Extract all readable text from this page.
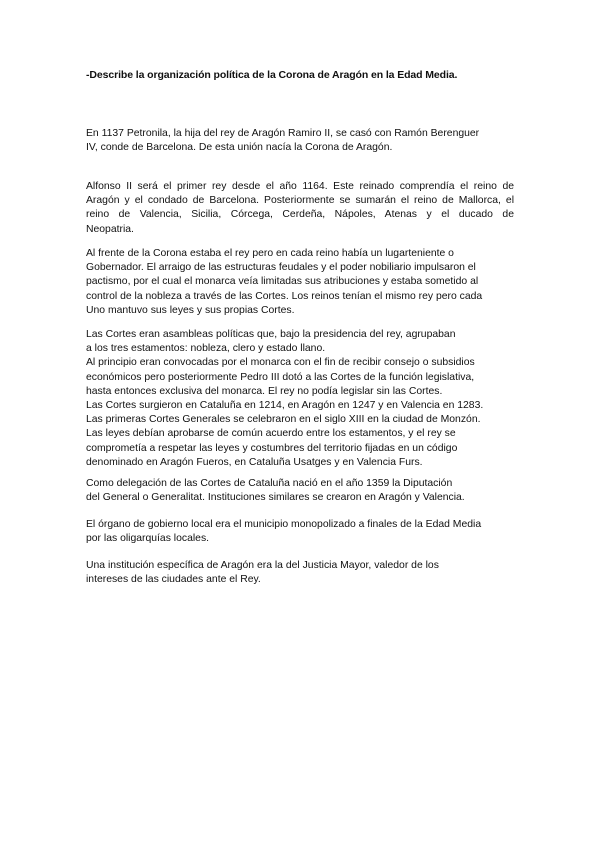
-Describe la organización política de la Corona de Aragón en la Edad Media.
En 1137 Petronila, la hija del rey de Aragón Ramiro II, se casó con Ramón Berenguer
IV, conde de Barcelona. De esta unión nacía la Corona de Aragón.
Alfonso II será el primer rey desde el año 1164. Este reinado comprendía el reino de
Aragón y el condado de Barcelona. Posteriormente se sumarán el reino de Mallorca, el
reino de Valencia, Sicilia, Córcega, Cerdeña, Nápoles, Atenas y el ducado de
Neopatria.
Al frente de la Corona estaba el rey pero en cada reino había un lugarteniente o
Gobernador. El arraigo de las estructuras feudales y el poder nobiliario impulsaron el
pactismo, por el cual el monarca veía limitadas sus atribuciones y estaba sometido al
control de la nobleza a través de las Cortes. Los reinos tenían el mismo rey pero cada
Uno mantuvo sus leyes y sus propias Cortes.
Las Cortes eran asambleas políticas que, bajo la presidencia del rey, agrupaban
a los tres estamentos: nobleza, clero y estado llano.
Al principio eran convocadas por el monarca con el fin de recibir consejo o subsidios
económicos pero posteriormente Pedro III dotó a las Cortes de la función legislativa,
hasta entonces exclusiva del monarca. El rey no podía legislar sin las Cortes.
Las Cortes surgieron en Cataluña en 1214, en Aragón en 1247 y en Valencia en 1283.
Las primeras Cortes Generales se celebraron en el siglo XIII en la ciudad de Monzón.
Las leyes debían aprobarse de común acuerdo entre los estamentos, y el rey se
comprometía a respetar las leyes y costumbres del territorio fijadas en un código
denominado en Aragón Fueros, en Cataluña Usatges y en Valencia Furs.
Como delegación de las Cortes de Cataluña nació en el año 1359 la Diputación
del General o Generalitat. Instituciones similares se crearon en Aragón y Valencia.
El órgano de gobierno local era el municipio monopolizado a finales de la Edad Media
por las oligarquías locales.
Una institución específica de Aragón era la del Justicia Mayor, valedor de los
intereses de las ciudades ante el Rey.
